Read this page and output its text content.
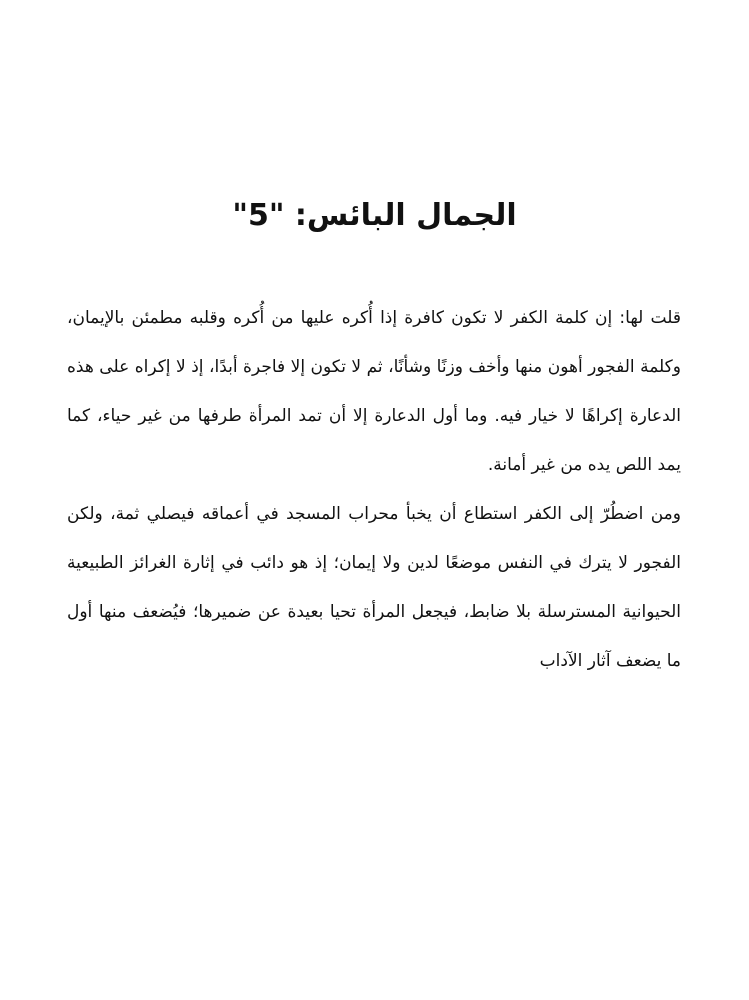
الجمال البائس: "5"

قلت لها: إن كلمة الكفر لا تكون كافرة إذا أُكره عليها من أُكره وقلبه مطمئن بالإيمان، وكلمة الفجور أهون منها وأخف وزنًا وشأنًا، ثم لا تكون إلا فاجرة أبدًا، إذ لا إكراه على هذه الدعارة إكراهًا لا خيار فيه. وما أول الدعارة إلا أن تمد المرأة طرفها من غير حياء، كما يمد اللص يده من غير أمانة.

ومن اضطُرّ إلى الكفر استطاع أن يخبأ محراب المسجد في أعماقه فيصلي ثمة، ولكن الفجور لا يترك في النفس موضعًا لدين ولا إيمان؛ إذ هو دائب في إثارة الغرائز الطبيعية الحيوانية المسترسلة بلا ضابط، فيجعل المرأة تحيا بعيدة عن ضميرها؛ فيُضعف منها أول ما يضعف آثار الآداب
